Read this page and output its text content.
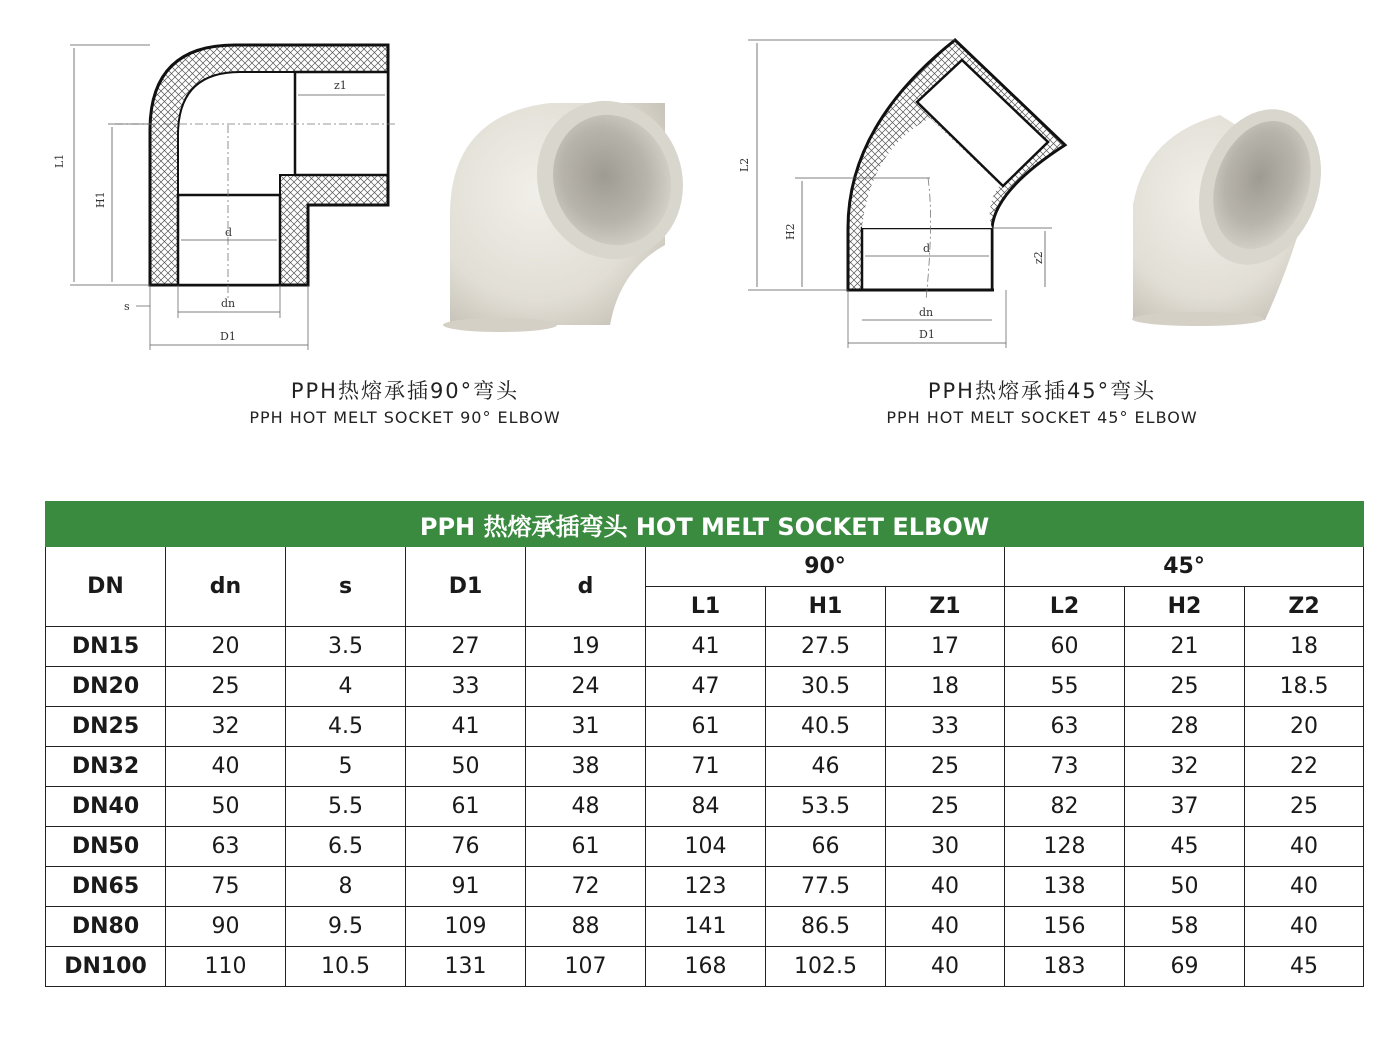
z1
L1
H1
d
s	dn
D1
L2
H2
z2
d
dn
D1
PPH热熔承插90°弯头
PPH HOT MELT SOCKET 90° ELBOW
PPH热熔承插45°弯头
PPH HOT MELT SOCKET 45° ELBOW
PPH 热熔承插弯头 HOT MELT SOCKET ELBOW										
DN	dn	s	D1	d	90°			45°		
					L1	H1	Z1	L2	H2	Z2
DN15	20	3.5	27	19	41	27.5	17	60	21	18
DN20	25	4	33	24	47	30.5	18	55	25	18.5
DN25	32	4.5	41	31	61	40.5	33	63	28	20
DN32	40	5	50	38	71	46	25	73	32	22
DN40	50	5.5	61	48	84	53.5	25	82	37	25
DN50	63	6.5	76	61	104	66	30	128	45	40
DN65	75	8	91	72	123	77.5	40	138	50	40
DN80	90	9.5	109	88	141	86.5	40	156	58	40
DN100	110	10.5	131	107	168	102.5	40	183	69	45
